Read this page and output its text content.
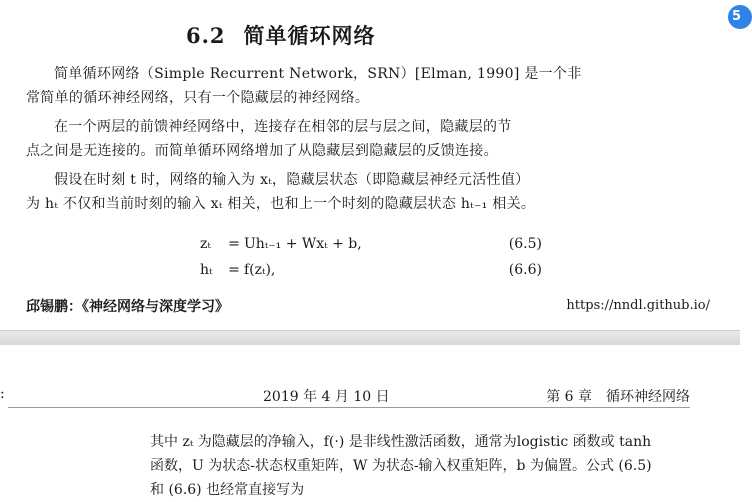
5
6.2 简单循环网络
简单循环网络（Simple Recurrent Network，SRN）[Elman, 1990] 是一个非
常简单的循环神经网络，只有一个隐藏层的神经网络。
在一个两层的前馈神经网络中，连接存在相邻的层与层之间，隐藏层的节
点之间是无连接的。而简单循环网络增加了从隐藏层到隐藏层的反馈连接。
假设在时刻 t 时，网络的输入为 xₜ，隐藏层状态（即隐藏层神经元活性值）
为 hₜ 不仅和当前时刻的输入 xₜ 相关，也和上一个时刻的隐藏层状态 hₜ₋₁ 相关。
zₜ = Uhₜ₋₁ + Wxₜ + b,	(6.5)
hₜ = f(zₜ),	(6.6)
邱锡鹏：《神经网络与深度学习》	https://nndl.github.io/
:	2019 年 4 月 10 日	第 6 章　循环神经网络
其中 zₜ 为隐藏层的净输入，f(·) 是非线性激活函数，通常为logistic 函数或 tanh
函数，U 为状态-状态权重矩阵，W 为状态-输入权重矩阵，b 为偏置。公式 (6.5)
和 (6.6) 也经常直接写为
